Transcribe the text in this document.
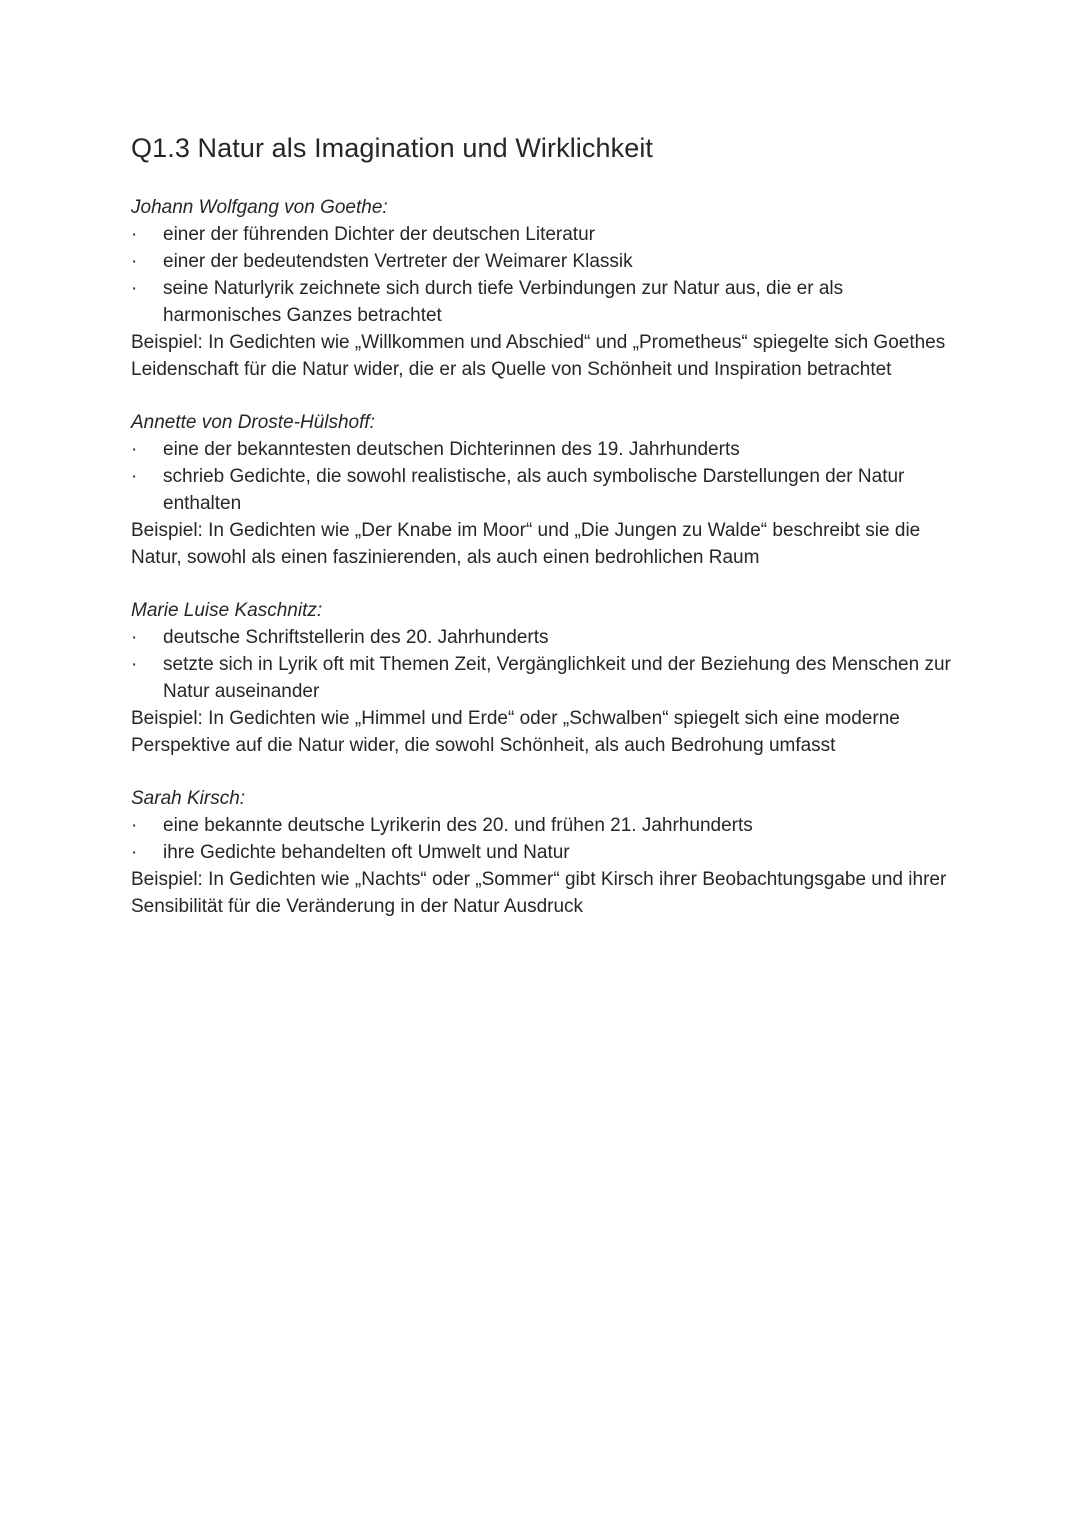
Q1.3 Natur als Imagination und Wirklichkeit

Johann Wolfgang von Goethe:

·	einer der führenden Dichter der deutschen Literatur
·	einer der bedeutendsten Vertreter der Weimarer Klassik
·	seine Naturlyrik zeichnete sich durch tiefe Verbindungen zur Natur aus, die er als harmonisches Ganzes betrachtet

Beispiel: In Gedichten wie „Willkommen und Abschied“ und „Prometheus“ spiegelte sich Goethes Leidenschaft für die Natur wider, die er als Quelle von Schönheit und Inspiration betrachtet

Annette von Droste-Hülshoff:

·	eine der bekanntesten deutschen Dichterinnen des 19. Jahrhunderts
·	schrieb Gedichte, die sowohl realistische, als auch symbolische Darstellungen der Natur enthalten

Beispiel: In Gedichten wie „Der Knabe im Moor“ und „Die Jungen zu Walde“ beschreibt sie die Natur, sowohl als einen faszinierenden, als auch einen bedrohlichen Raum

Marie Luise Kaschnitz:

·	deutsche Schriftstellerin des 20. Jahrhunderts
·	setzte sich in Lyrik oft mit Themen Zeit, Vergänglichkeit und der Beziehung des Menschen zur Natur auseinander

Beispiel: In Gedichten wie „Himmel und Erde“ oder „Schwalben“ spiegelt sich eine moderne Perspektive auf die Natur wider, die sowohl Schönheit, als auch Bedrohung umfasst

Sarah Kirsch:

·	eine bekannte deutsche Lyrikerin des 20. und frühen 21. Jahrhunderts
·	ihre Gedichte behandelten oft Umwelt und Natur

Beispiel: In Gedichten wie „Nachts“ oder „Sommer“ gibt Kirsch ihrer Beobachtungsgabe und ihrer Sensibilität für die Veränderung in der Natur Ausdruck
